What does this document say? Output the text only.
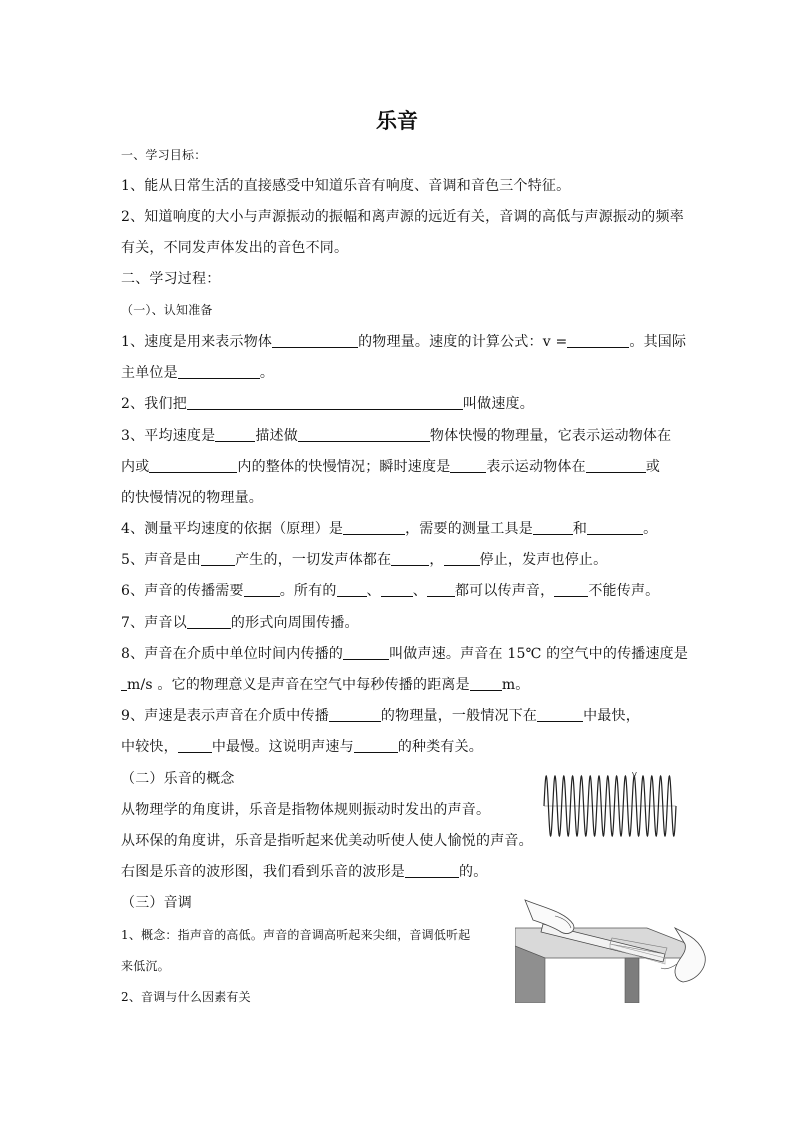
乐音
一、学习目标：
1、能从日常生活的直接感受中知道乐音有响度、音调和音色三个特征。
2、知道响度的大小与声源振动的振幅和离声源的远近有关，音调的高低与声源振动的频率
有关，不同发声体发出的音色不同。
二、学习过程：
（一）、认知准备
1、速度是用来表示物体	的物理量。速度的计算公式：v =	。其国际
主单位是	。
2、我们把	叫做速度。
3、平均速度是	描述做	物体快慢的物理量，它表示运动物体在
内或	内的整体的快慢情况；瞬时速度是	表示运动物体在	或
的快慢情况的物理量。
4、测量平均速度的依据（原理）是	，需要的测量工具是	和	。
5、声音是由 产生的，一切发声体都在	，	停止，发声也停止。
6、声音的传播需要	。所有的 、 、 都可以传声音， 不能传声。
7、声音以	的形式向周围传播。
8、声音在介质中单位时间内传播的	叫做声速。声音在 15℃ 的空气中的传播速度是
m/s 。它的物理意义是声音在空气中每秒传播的距离是 m。
9、声速是表示声音在介质中传播	的物理量，一般情况下在	中最快，
中较快， 中最慢。这说明声速与	的种类有关。
（二）乐音的概念
从物理学的角度讲，乐音是指物体规则振动时发出的声音。
从环保的角度讲，乐音是指听起来优美动听使人使人愉悦的声音。
右图是乐音的波形图，我们看到乐音的波形是	的。
（三）音调
1、概念：指声音的高低。声音的音调高听起来尖细，音调低听起
来低沉。
2、音调与什么因素有关
V
